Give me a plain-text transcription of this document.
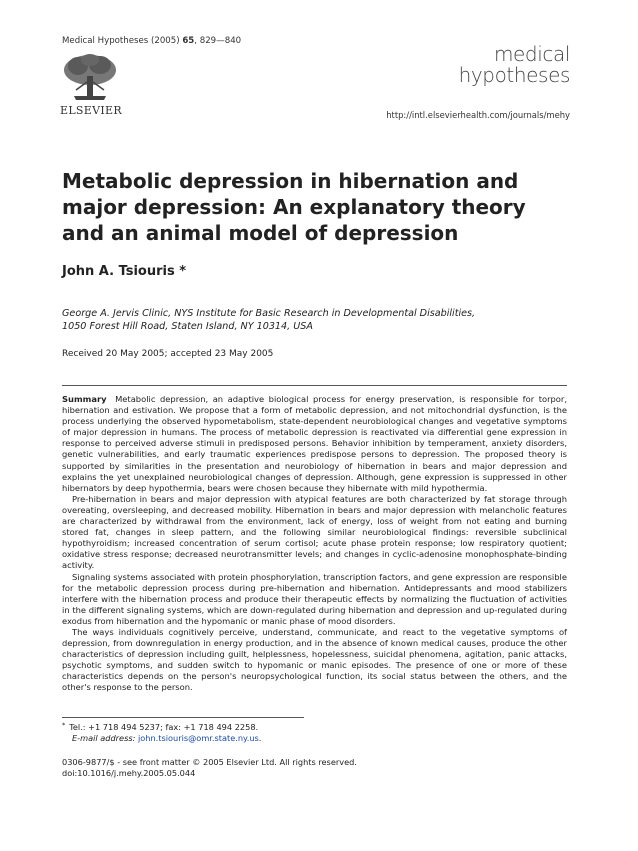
Medical Hypotheses (2005) 65, 829—840
ELSEVIER
medical
hypotheses
http://intl.elsevierhealth.com/journals/mehy
Metabolic depression in hibernation and major depression: An explanatory theory and an animal model of depression
John A. Tsiouris *
George A. Jervis Clinic, NYS Institute for Basic Research in Developmental Disabilities,
1050 Forest Hill Road, Staten Island, NY 10314, USA
Received 20 May 2005; accepted 23 May 2005

Summary Metabolic depression, an adaptive biological process for energy preservation, is responsible for torpor, hibernation and estivation. We propose that a form of metabolic depression, and not mitochondrial dysfunction, is the process underlying the observed hypometabolism, state-dependent neurobiological changes and vegetative symptoms of major depression in humans. The process of metabolic depression is reactivated via differential gene expression in response to perceived adverse stimuli in predisposed persons. Behavior inhibition by temperament, anxiety disorders, genetic vulnerabilities, and early traumatic experiences predispose persons to depression. The proposed theory is supported by similarities in the presentation and neurobiology of hibernation in bears and major depression and explains the yet unexplained neurobiological changes of depression. Although, gene expression is suppressed in other hibernators by deep hypothermia, bears were chosen because they hibernate with mild hypothermia.

Pre-hibernation in bears and major depression with atypical features are both characterized by fat storage through overeating, oversleeping, and decreased mobility. Hibernation in bears and major depression with melancholic features are characterized by withdrawal from the environment, lack of energy, loss of weight from not eating and burning stored fat, changes in sleep pattern, and the following similar neurobiological findings: reversible subclinical hypothyroidism; increased concentration of serum cortisol; acute phase protein response; low respiratory quotient; oxidative stress response; decreased neurotransmitter levels; and changes in cyclic-adenosine monophosphate-binding activity.

Signaling systems associated with protein phosphorylation, transcription factors, and gene expression are responsible for the metabolic depression process during pre-hibernation and hibernation. Antidepressants and mood stabilizers interfere with the hibernation process and produce their therapeutic effects by normalizing the fluctuation of activities in the different signaling systems, which are down-regulated during hibernation and depression and up-regulated during exodus from hibernation and the hypomanic or manic phase of mood disorders.

The ways individuals cognitively perceive, understand, communicate, and react to the vegetative symptoms of depression, from downregulation in energy production, and in the absence of known medical causes, produce the other characteristics of depression including guilt, helplessness, hopelessness, suicidal phenomena, agitation, panic attacks, psychotic symptoms, and sudden switch to hypomanic or manic episodes. The presence of one or more of these characteristics depends on the person's neuropsychological function, its social status between the others, and the other's response to the person.

* Tel.: +1 718 494 5237; fax: +1 718 494 2258.
E-mail address: john.tsiouris@omr.state.ny.us.
0306-9877/$ - see front matter © 2005 Elsevier Ltd. All rights reserved.
doi:10.1016/j.mehy.2005.05.044
